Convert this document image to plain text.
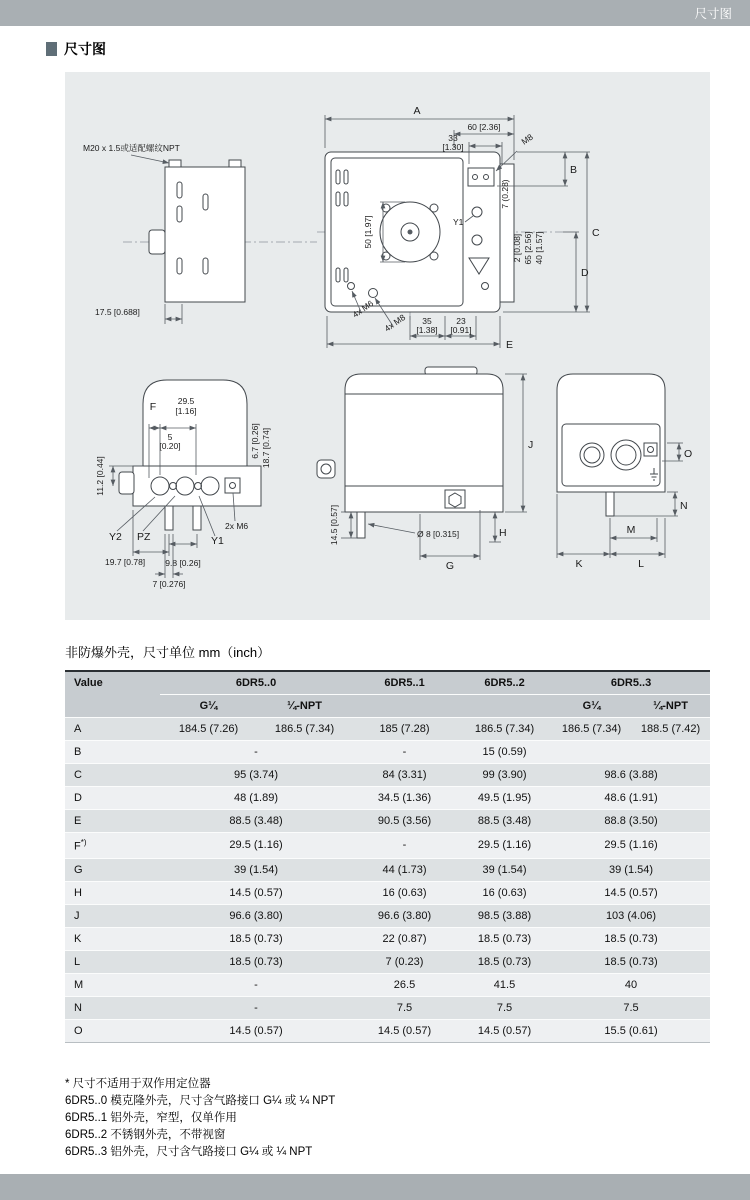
尺寸图
尺寸图
17.5 [0.688]
M20 x 1.5或适配螺纹NPT
A
60 [2.36]
33
[1.30]
M8
B
C
D
7 (0.28)
2 [0.08] 65 [2.56] 40 [1.57]
50 [1.97]	Y1
4x M6
4x M8 35
[1.38]
23
[0.91]
E
F	29.5
[1.16]
5
[0.20]
11.2 [0.44]
6.7 [0.26] 18.7 [0.74]
Y2 PZ	Y1
2x M6
19.7 [0.78] 9.8 [0.26]
7 [0.276]
J
Ø 8 [0.315]
14.5 [0.57]
G
H
O
N
K
M
L
非防爆外壳，尺寸单位 mm（inch）
Value	6DR5..0		6DR5..1	6DR5..2	6DR5..3	
	G¼	¼-NPT			G¼	¼-NPT
A	184.5 (7.26)	186.5 (7.34)	185 (7.28)	186.5 (7.34)	186.5 (7.34)	188.5 (7.42)
B	-		-	15 (0.59)		
C	95 (3.74)		84 (3.31)	99 (3.90)	98.6 (3.88)	
D	48 (1.89)		34.5 (1.36)	49.5 (1.95)	48.6 (1.91)	
E	88.5 (3.48)		90.5 (3.56)	88.5 (3.48)	88.8 (3.50)	
F*)	29.5 (1.16)		-	29.5 (1.16)	29.5 (1.16)	
G	39 (1.54)		44 (1.73)	39 (1.54)	39 (1.54)	
H	14.5 (0.57)		16 (0.63)	16 (0.63)	14.5 (0.57)	
J	96.6 (3.80)		96.6 (3.80)	98.5 (3.88)	103 (4.06)	
K	18.5 (0.73)		22 (0.87)	18.5 (0.73)	18.5 (0.73)	
L	18.5 (0.73)		7 (0.23)	18.5 (0.73)	18.5 (0.73)	
M	-		26.5	41.5	40	
N	-		7.5	7.5	7.5	
O	14.5 (0.57)		14.5 (0.57)	14.5 (0.57)	15.5 (0.61)	
* 尺寸不适用于双作用定位器
6DR5..0 模克隆外壳，尺寸含气路接口 G¼ 或 ¼ NPT
6DR5..1 铝外壳，窄型，仅单作用
6DR5..2 不锈钢外壳，不带视窗
6DR5..3 铝外壳，尺寸含气路接口 G¼ 或 ¼ NPT
